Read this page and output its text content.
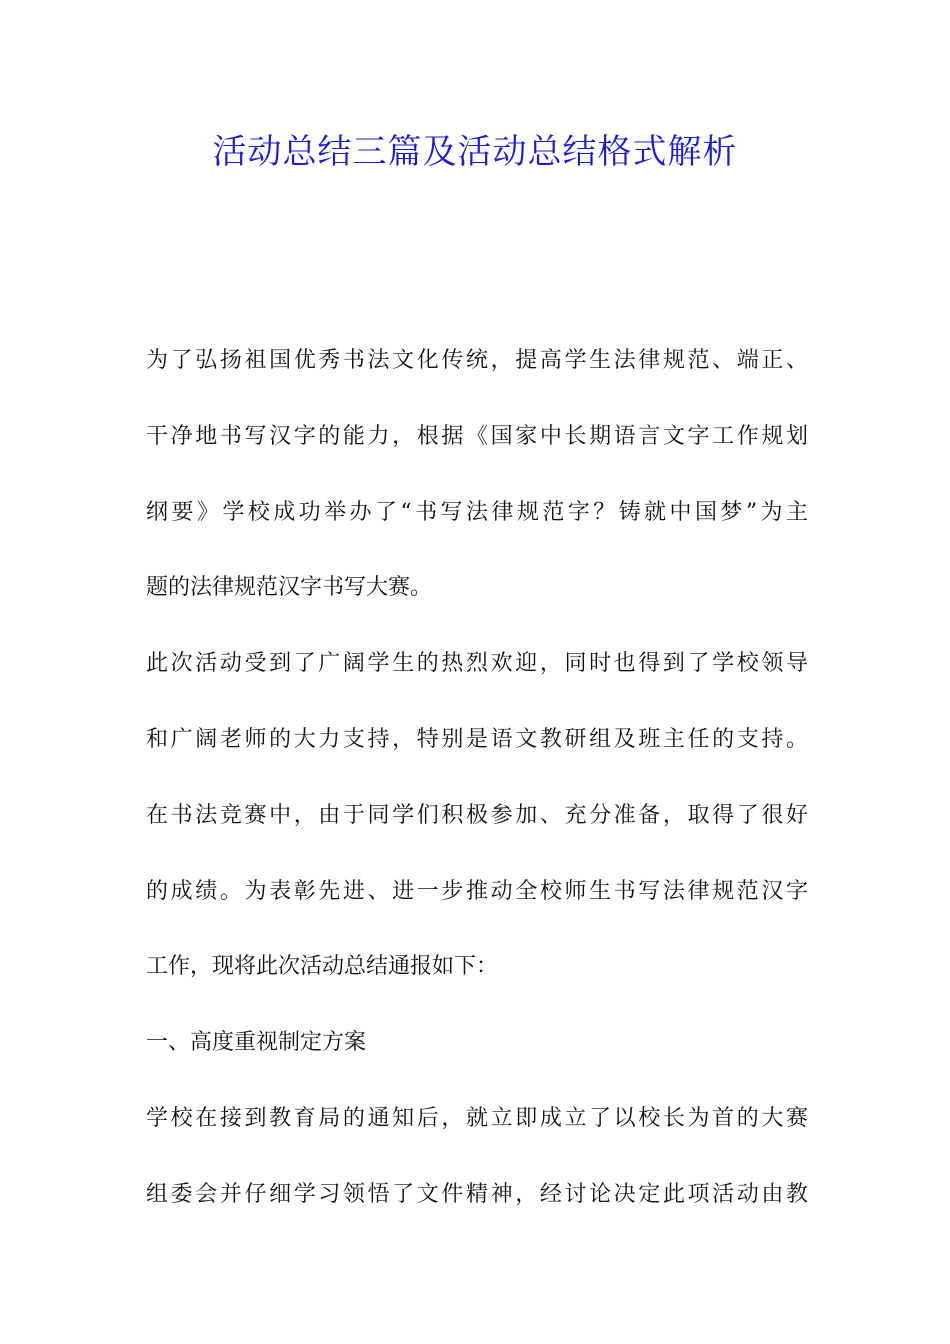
活动总结三篇及活动总结格式解析
为了弘扬祖国优秀书法文化传统，提高学生法律规范、端正、
干净地书写汉字的能力，根据《国家中长期语言文字工作规划
纲要》学校成功举办了“书写法律规范字？铸就中国梦”为主
题的法律规范汉字书写大赛。
此次活动受到了广阔学生的热烈欢迎，同时也得到了学校领导
和广阔老师的大力支持，特别是语文教研组及班主任的支持。
在书法竞赛中，由于同学们积极参加、充分准备，取得了很好
的成绩。为表彰先进、进一步推动全校师生书写法律规范汉字
工作，现将此次活动总结通报如下：
一、高度重视制定方案
学校在接到教育局的通知后，就立即成立了以校长为首的大赛
组委会并仔细学习领悟了文件精神，经讨论决定此项活动由教
